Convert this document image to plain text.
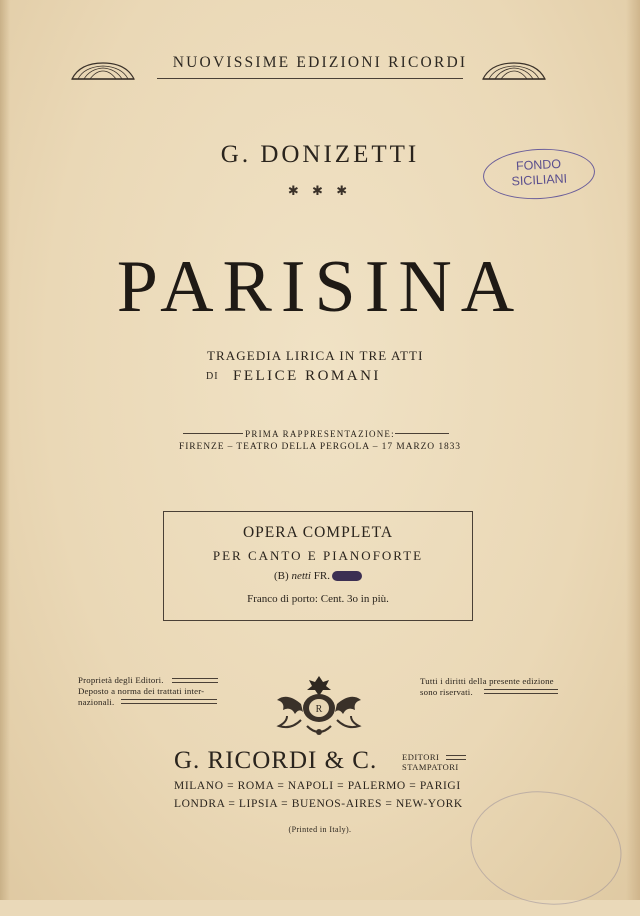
NUOVISSIME EDIZIONI RICORDI
G. DONIZETTI
✱ ✱ ✱
FONDO
SICILIANI
PARISINA
TRAGEDIA LIRICA IN TRE ATTI
DI FELICE ROMANI
PRIMA RAPPRESENTAZIONE:
FIRENZE – TEATRO DELLA PERGOLA – 17 MARZO 1833
OPERA COMPLETA
PER CANTO E PIANOFORTE
(B) netti FR.
Franco di porto: Cent. 3o in più.
Proprietà degli Editori.
Deposto a norma dei trattati inter-
nazionali.
Tutti i diritti della presente edizione
sono riservati.
R
G. RICORDI & C.	EDITORI
STAMPATORI
MILANO = ROMA = NAPOLI = PALERMO = PARIGI
LONDRA = LIPSIA = BUENOS-AIRES = NEW-YORK
(Printed in Italy).
